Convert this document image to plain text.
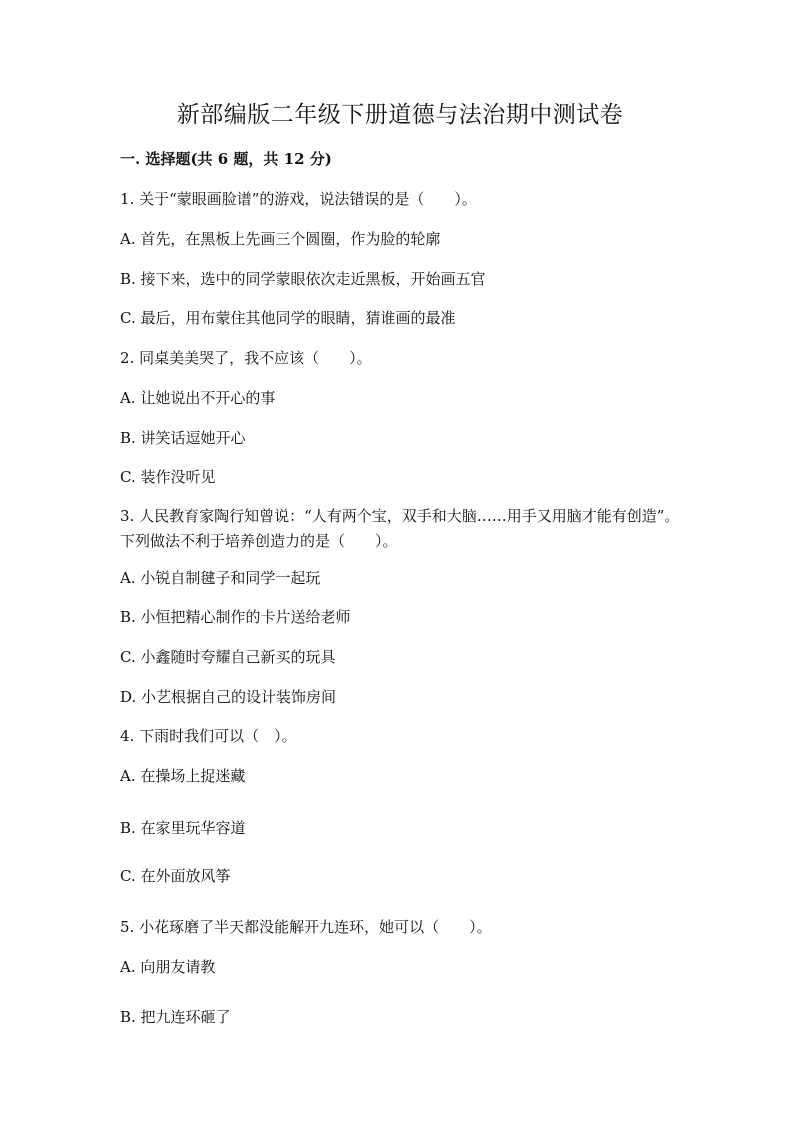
新部编版二年级下册道德与法治期中测试卷
一. 选择题(共 6 题，共 12 分)
1. 关于“蒙眼画脸谱”的游戏，说法错误的是（　　）。
A. 首先，在黑板上先画三个圆圈，作为脸的轮廓
B. 接下来，选中的同学蒙眼依次走近黑板，开始画五官
C. 最后，用布蒙住其他同学的眼睛，猜谁画的最准
2. 同桌美美哭了，我不应该（　　）。
A. 让她说出不开心的事
B. 讲笑话逗她开心
C. 装作没听见
3. 人民教育家陶行知曾说：“人有两个宝，双手和大脑……用手又用脑才能有创造”。下列做法不利于培养创造力的是（　　）。
A. 小锐自制毽子和同学一起玩
B. 小恒把精心制作的卡片送给老师
C. 小鑫随时夸耀自己新买的玩具
D. 小艺根据自己的设计装饰房间
4. 下雨时我们可以（　）。
A. 在操场上捉迷藏
B. 在家里玩华容道
C. 在外面放风筝
5. 小花琢磨了半天都没能解开九连环，她可以（　　）。
A. 向朋友请教
B. 把九连环砸了
